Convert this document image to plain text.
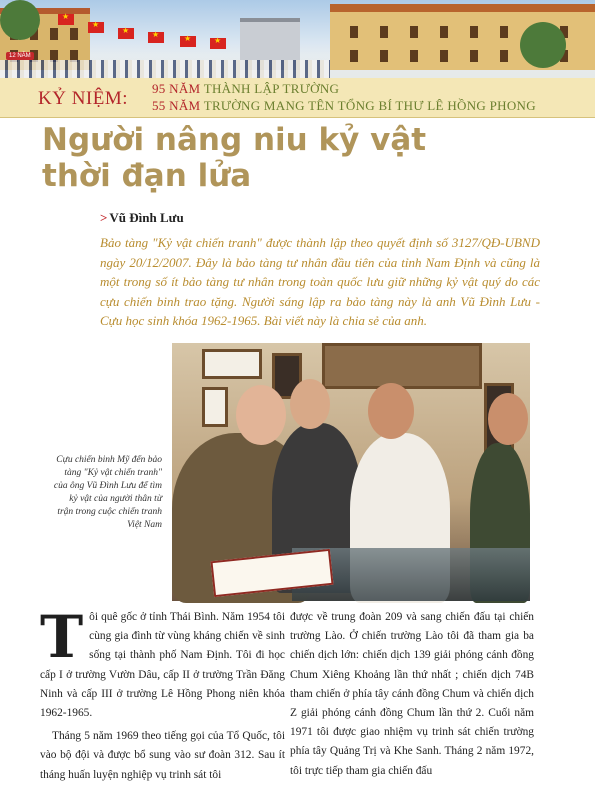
★
★
★
★
★
★
12 NĂM
KỶ NIỆM: 95 NĂM THÀNH LẬP TRƯỜNG
55 NĂM TRƯỜNG MANG TÊN TỔNG BÍ THƯ LÊ HỒNG PHONG
Người nâng niu kỷ vật
thời đạn lửa
> Vũ Đình Lưu

Bảo tàng "Kỷ vật chiến tranh" được thành lập theo quyết định số 3127/QĐ-UBND ngày 20/12/2007. Đây là bảo tàng tư nhân đầu tiên của tỉnh Nam Định và cũng là một trong số ít bảo tàng tư nhân trong toàn quốc lưu giữ những kỷ vật quý do các cựu chiến binh trao tặng. Người sáng lập ra bảo tàng này là anh Vũ Đình Lưu - Cựu học sinh khóa 1962-1965. Bài viết này là chia sẻ của anh.

Cựu chiến binh Mỹ đến bảo tàng "Kỷ vật chiến tranh" của ông Vũ Đình Lưu để tìm kỷ vật của người thân từ trận trong cuộc chiến tranh Việt Nam

T ôi quê gốc ở tỉnh Thái Bình. Năm 1954 tôi cùng gia đình từ vùng kháng chiến về sinh sống tại thành phố Nam Định. Tôi đi học cấp I ở trường Vườn Dâu, cấp II ở trường Trần Đăng Ninh và cấp III ở trường Lê Hồng Phong niên khóa 1962-1965.

Tháng 5 năm 1969 theo tiếng gọi của Tổ Quốc, tôi vào bộ đội và được bổ sung vào sư đoàn 312. Sau ít tháng huấn luyện nghiệp vụ trinh sát tôi

được về trung đoàn 209 và sang chiến đấu tại chiến trường Lào. Ở chiến trường Lào tôi đã tham gia ba chiến dịch lớn: chiến dịch 139 giải phóng cánh đồng Chum Xiêng Khoảng lần thứ nhất ; chiến dịch 74B tham chiến ở phía tây cánh đồng Chum và chiến dịch Z giải phóng cánh đồng Chum lần thứ 2. Cuối năm 1971 tôi được giao nhiệm vụ trinh sát chiến trường phía tây Quảng Trị và Khe Sanh. Tháng 2 năm 1972, tôi trực tiếp tham gia chiến đấu
